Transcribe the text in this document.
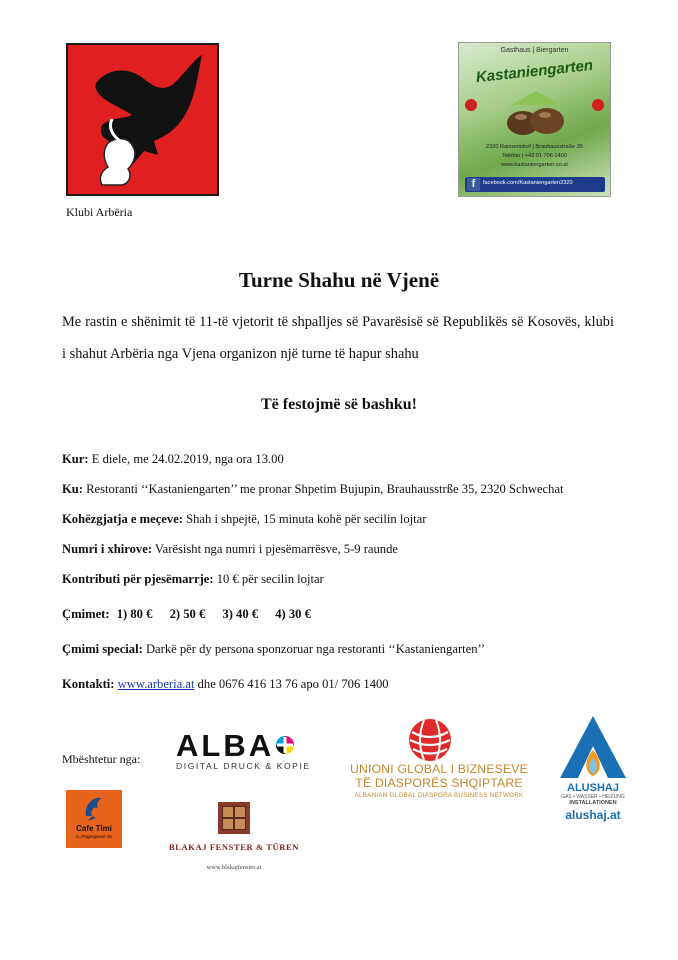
Klubi Arbëria
Gasthaus | Biergarten
Kastaniengarten
2320 Rannersdorf | Brauhausstraße 35
Telefon | +43 01 706 1400
www.kastaniengarten.co.at
f	facebook.com/Kastaniengarten2320
Turne Shahu në Vjenë

Me rastin e shënimit të 11-të vjetorit të shpalljes së Pavarësisë së Republikës së Kosovës, klubi i shahut Arbëria nga Vjena organizon një turne të hapur shahu

Të festojmë së bashku!
Kur: E diele, me 24.02.2019, nga ora 13.00
Ku: Restoranti ‘‘Kastaniengarten’’ me pronar Shpetim Bujupin, Brauhausstrße 35, 2320 Schwechat
Kohëzgjatja e meçeve: Shah i shpejtë, 15 minuta kohë për secilin lojtar
Numri i xhirove: Varësisht nga numri i pjesëmarrësve, 5-9 raunde
Kontributi për pjesëmarrje: 10 € për secilin lojtar
Çmimet: 1) 80 € 2) 50 € 3) 40 € 4) 30 €
Çmimi special: Darkë për dy persona sponzoruar nga restoranti ‘‘Kastaniengarten’’
Kontakti: www.arberia.at dhe 0676 416 13 76 apo 01/ 706 1400
Mbështetur nga: ALBA
DIGITAL DRUCK & KOPIE	UNIONI GLOBAL I BIZNESEVE
TË DIASPORËS SHQIPTARE
ALBANIAN GLOBAL DIASPORA BUSINESS NETWORK
ALUSHAJ
GAS • WASSER • HEIZUNG
INSTALLATIONEN
alushaj.at
Cafe Timi
5.,Rögergasse 16
BLAKAJ FENSTER & TÜREN
www.blakajfenster.at
